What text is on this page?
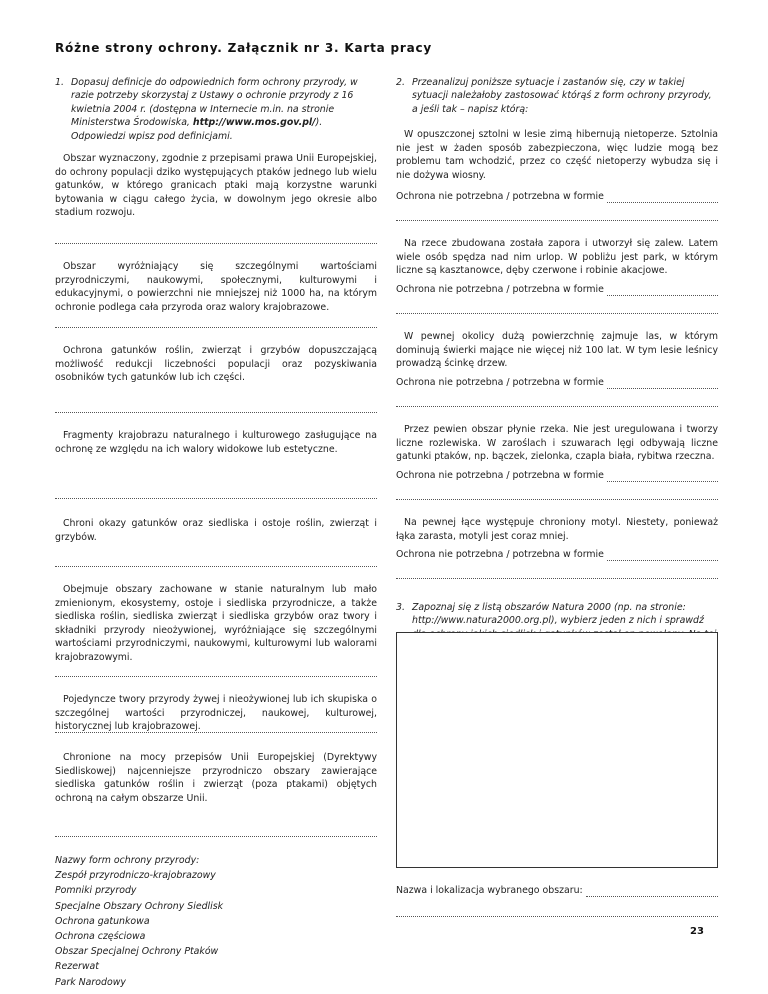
Różne strony ochrony. Załącznik nr 3. Karta pracy
1. Dopasuj definicje do odpowiednich form ochrony przyrody, w razie potrzeby skorzystaj z Ustawy o ochronie przyrody z 16 kwietnia 2004 r. (dostępna w Internecie m.in. na stronie Ministerstwa Środowiska, http://www.mos.gov.pl/). Odpowiedzi wpisz pod definicjami.

Obszar wyznaczony, zgodnie z przepisami prawa Unii Europejskiej, do ochrony populacji dziko występujących ptaków jednego lub wielu gatunków, w którego granicach ptaki mają korzystne warunki bytowania w ciągu całego życia, w dowolnym jego okresie albo stadium rozwoju.

Obszar wyróżniający się szczególnymi wartościami przyrodniczymi, naukowymi, społecznymi, kulturowymi i edukacyjnymi, o powierzchni nie mniejszej niż 1000 ha, na którym ochronie podlega cała przyroda oraz walory krajobrazowe.

Ochrona gatunków roślin, zwierząt i grzybów dopuszczającą możliwość redukcji liczebności populacji oraz pozyskiwania osobników tych gatunków lub ich części.

Fragmenty krajobrazu naturalnego i kulturowego zasługujące na ochronę ze względu na ich walory widokowe lub estetyczne.

Chroni okazy gatunków oraz siedliska i ostoje roślin, zwierząt i grzybów.

Obejmuje obszary zachowane w stanie naturalnym lub mało zmienionym, ekosystemy, ostoje i siedliska przyrodnicze, a także siedliska roślin, siedliska zwierząt i siedliska grzybów oraz twory i składniki przyrody nieożywionej, wyróżniające się szczególnymi wartościami przyrodniczymi, naukowymi, kulturowymi lub walorami krajobrazowymi.

Pojedyncze twory przyrody żywej i nieożywionej lub ich skupiska o szczególnej wartości przyrodniczej, naukowej, kulturowej, historycznej lub krajobrazowej.

Chronione na mocy przepisów Unii Europejskiej (Dyrektywy Siedliskowej) najcenniejsze przyrodniczo obszary zawierające siedliska gatunków roślin i zwierząt (poza ptakami) objętych ochroną na całym obszarze Unii.

Nazwy form ochrony przyrody:
Zespół przyrodniczo-krajobrazowy
Pomniki przyrody
Specjalne Obszary Ochrony Siedlisk
Ochrona gatunkowa
Ochrona częściowa
Obszar Specjalnej Ochrony Ptaków
Rezerwat
Park Narodowy
2. Przeanalizuj poniższe sytuacje i zastanów się, czy w takiej sytuacji należałoby zastosować którąś z form ochrony przyrody, a jeśli tak – napisz którą:

W opuszczonej sztolni w lesie zimą hibernują nietoperze. Sztolnia nie jest w żaden sposób zabezpieczona, więc ludzie mogą bez problemu tam wchodzić, przez co część nietoperzy wybudza się i nie dożywa wiosny.

Ochrona nie potrzebna / potrzebna w formie

Na rzece zbudowana została zapora i utworzył się zalew. Latem wiele osób spędza nad nim urlop. W pobliżu jest park, w którym liczne są kasztanowce, dęby czerwone i robinie akacjowe.

Ochrona nie potrzebna / potrzebna w formie

W pewnej okolicy dużą powierzchnię zajmuje las, w którym dominują świerki mające nie więcej niż 100 lat. W tym lesie leśnicy prowadzą ścinkę drzew.

Ochrona nie potrzebna / potrzebna w formie

Przez pewien obszar płynie rzeka. Nie jest uregulowana i tworzy liczne rozlewiska. W zaroślach i szuwarach lęgi odbywają liczne gatunki ptaków, np. bączek, zielonka, czapla biała, rybitwa rzeczna.

Ochrona nie potrzebna / potrzebna w formie

Na pewnej łące występuje chroniony motyl. Niestety, ponieważ łąka zarasta, motyli jest coraz mniej.

Ochrona nie potrzebna / potrzebna w formie
3. Zapoznaj się z listą obszarów Natura 2000 (np. na stronie: http://www.natura2000.org.pl), wybierz jeden z nich i sprawdź
Nazwa i lokalizacja wybranego obszaru:
23
